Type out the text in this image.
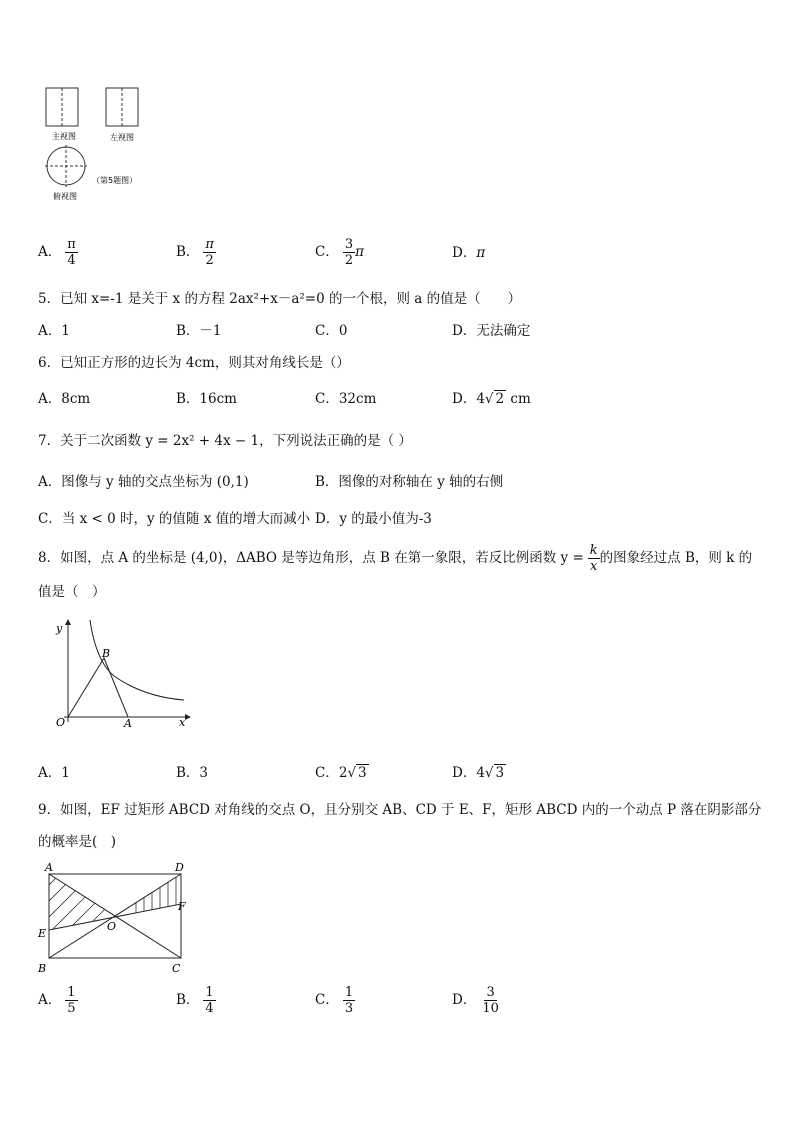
主视图	左视图
（第5题图）
俯视图
A． $\frac{\pi}{4}$	B． $\frac{\pi}{2}$	C． $\frac{3}{2}$ π	D．π
5．已知 x=-1 是关于 x 的方程 2ax²+x－a²=0 的一个根，则 a 的值是（　　）
A．1	B．－1	C．0	D．无法确定
6．已知正方形的边长为 4cm，则其对角线长是（）
A．8cm	B．16cm	C．32cm	D．4√ 2 cm
7．关于二次函数 y = 2x² + 4x − 1，下列说法正确的是（ ）
A．图像与 y 轴的交点坐标为 (0,1)	B．图像的对称轴在 y 轴的右侧
C．当 x < 0 时，y 的值随 x 值的增大而减小 D．y 的最小值为-3
8．如图，点 A 的坐标是 (4,0)，ΔABO 是等边角形，点 B 在第一象限，若反比例函数 $y = \frac{k}{x}$ 的图象经过点 B，则 k 的
值是（　）
y
x
O	A
B
A．1	B．3	C．2√ 3	D．4√ 3
9．如图，EF 过矩形 ABCD 对角线的交点 O，且分别交 AB、CD 于 E、F，矩形 ABCD 内的一个动点 P 落在阴影部分
的概率是(　)
A	D
F
E
O
B	C
A． $\frac{1}{5}$	B． $\frac{1}{4}$	C． $\frac{1}{3}$	D． $\frac{3}{10}$
